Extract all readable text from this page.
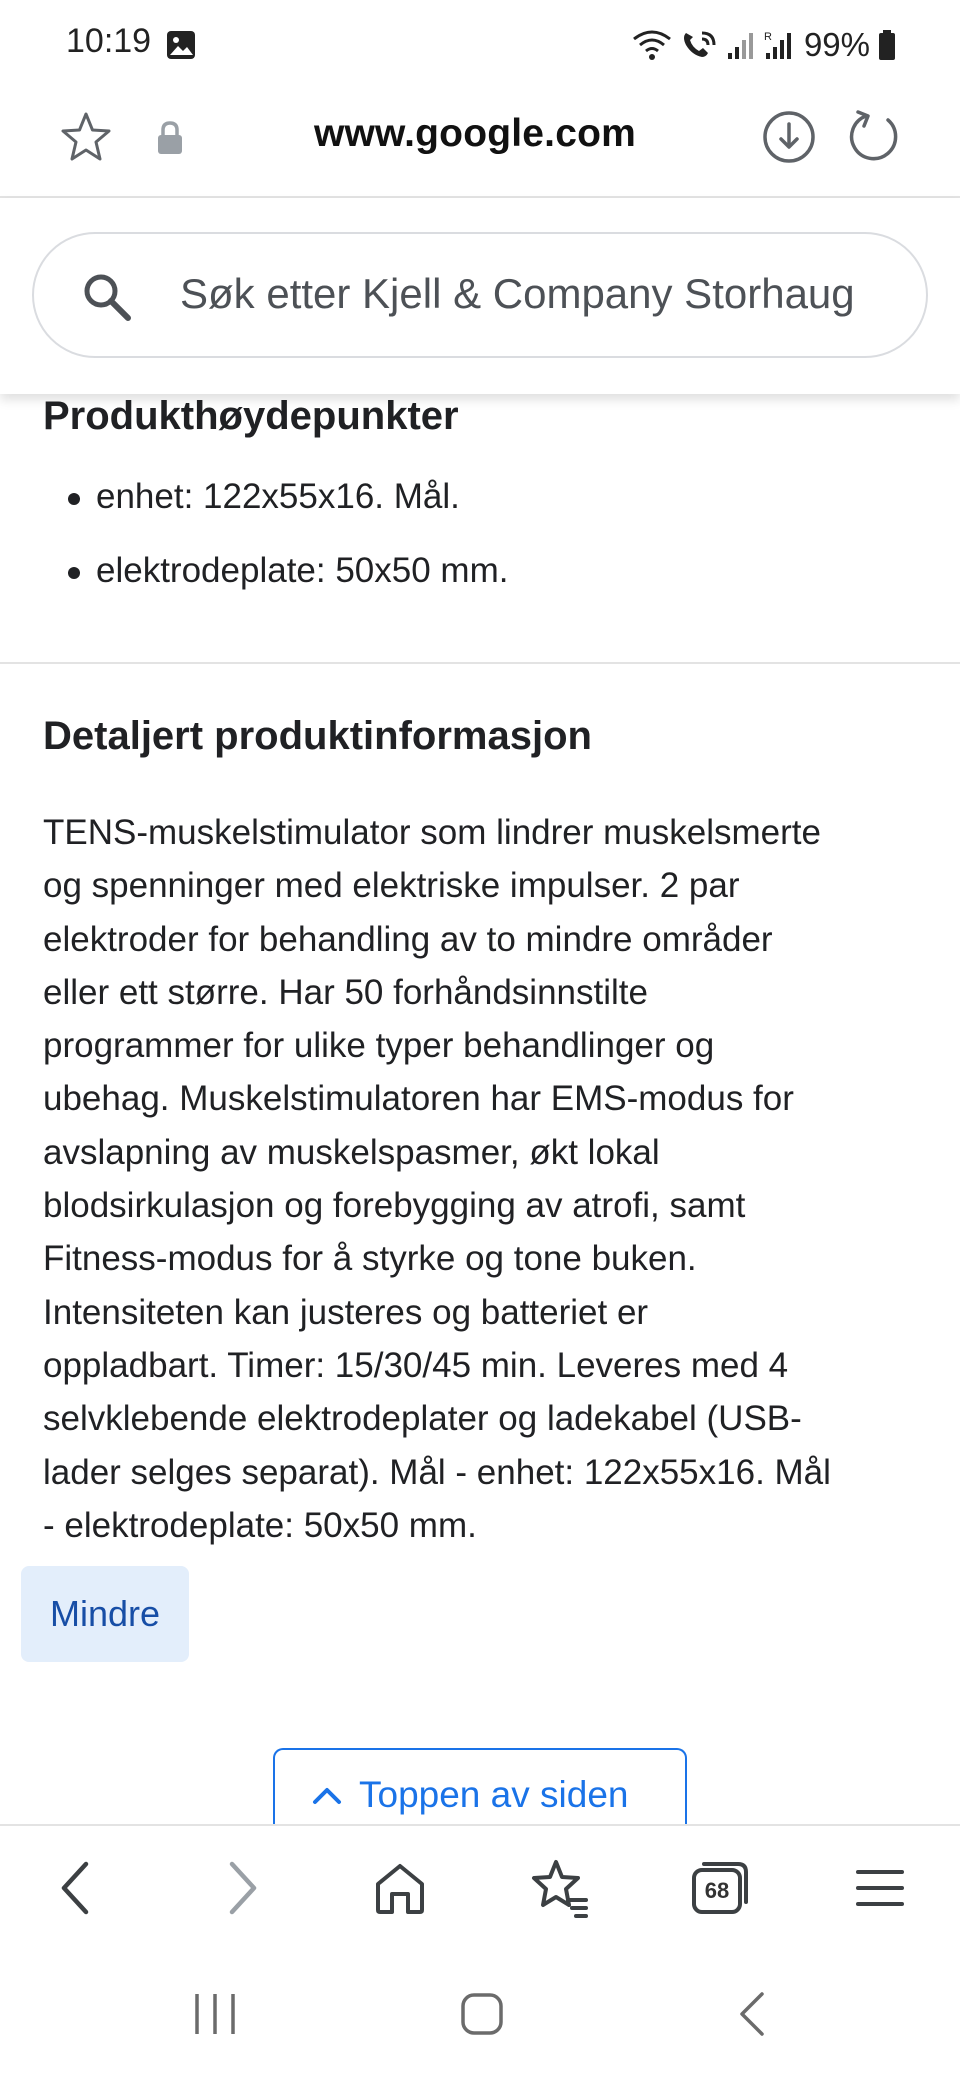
10:19	R 99%
www.google.com
Søk etter Kjell & Company Storhaug
Produkthøydepunkter
enhet: 122x55x16. Mål.
elektrodeplate: 50x50 mm.
Detaljert produktinformasjon

TENS-muskelstimulator som lindrer muskelsmerte
og spenninger med elektriske impulser. 2 par
elektroder for behandling av to mindre områder
eller ett større. Har 50 forhåndsinnstilte
programmer for ulike typer behandlinger og
ubehag. Muskelstimulatoren har EMS-modus for
avslapning av muskelspasmer, økt lokal
blodsirkulasjon og forebygging av atrofi, samt
Fitness-modus for å styrke og tone buken.
Intensiteten kan justeres og batteriet er
oppladbart. Timer: 15/30/45 min. Leveres med 4
selvklebende elektrodeplater og ladekabel (USB-
lader selges separat). Mål - enhet: 122x55x16. Mål
- elektrodeplate: 50x50 mm.

Mindre
Toppen av siden
68
